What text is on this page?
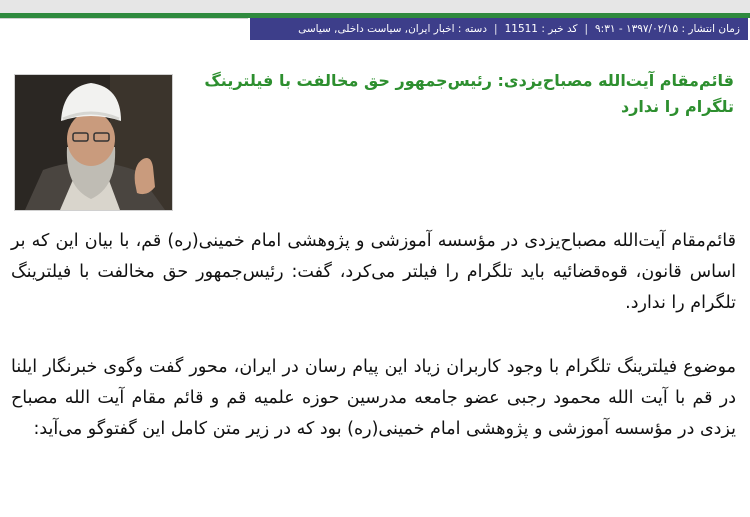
زمان انتشار : ۱۳۹۷/۰۲/۱۵ - ۹:۳۱
|
کد خبر : 11511
|
دسته : اخبار ایران, سیاست داخلی, سیاسی
قائم‌مقام آیت‌الله مصباح‌یزدی: رئیس‌جمهور حق مخالفت با فیلترینگ تلگرام را ندارد
قائم‌مقام آیت‌الله مصباح‌یزدی در مؤسسه آموزشی و پژوهشی امام خمینی(ره) قم، با بیان این که بر اساس قانون، قوه‌قضائیه باید تلگرام را فیلتر می‌کرد، گفت: رئیس‌جمهور حق مخالفت با فیلترینگ تلگرام را ندارد.
موضوع فیلترینگ تلگرام با وجود کاربران زیاد این پیام رسان در ایران، محور گفت وگوی خبرنگار ایلنا در قم با آیت الله محمود رجبی عضو جامعه مدرسین حوزه علمیه قم و قائم مقام آیت الله مصباح یزدی در مؤسسه آموزشی و پژوهشی امام خمینی(ره) بود که در زیر متن کامل این گفتوگو می‌آید:
